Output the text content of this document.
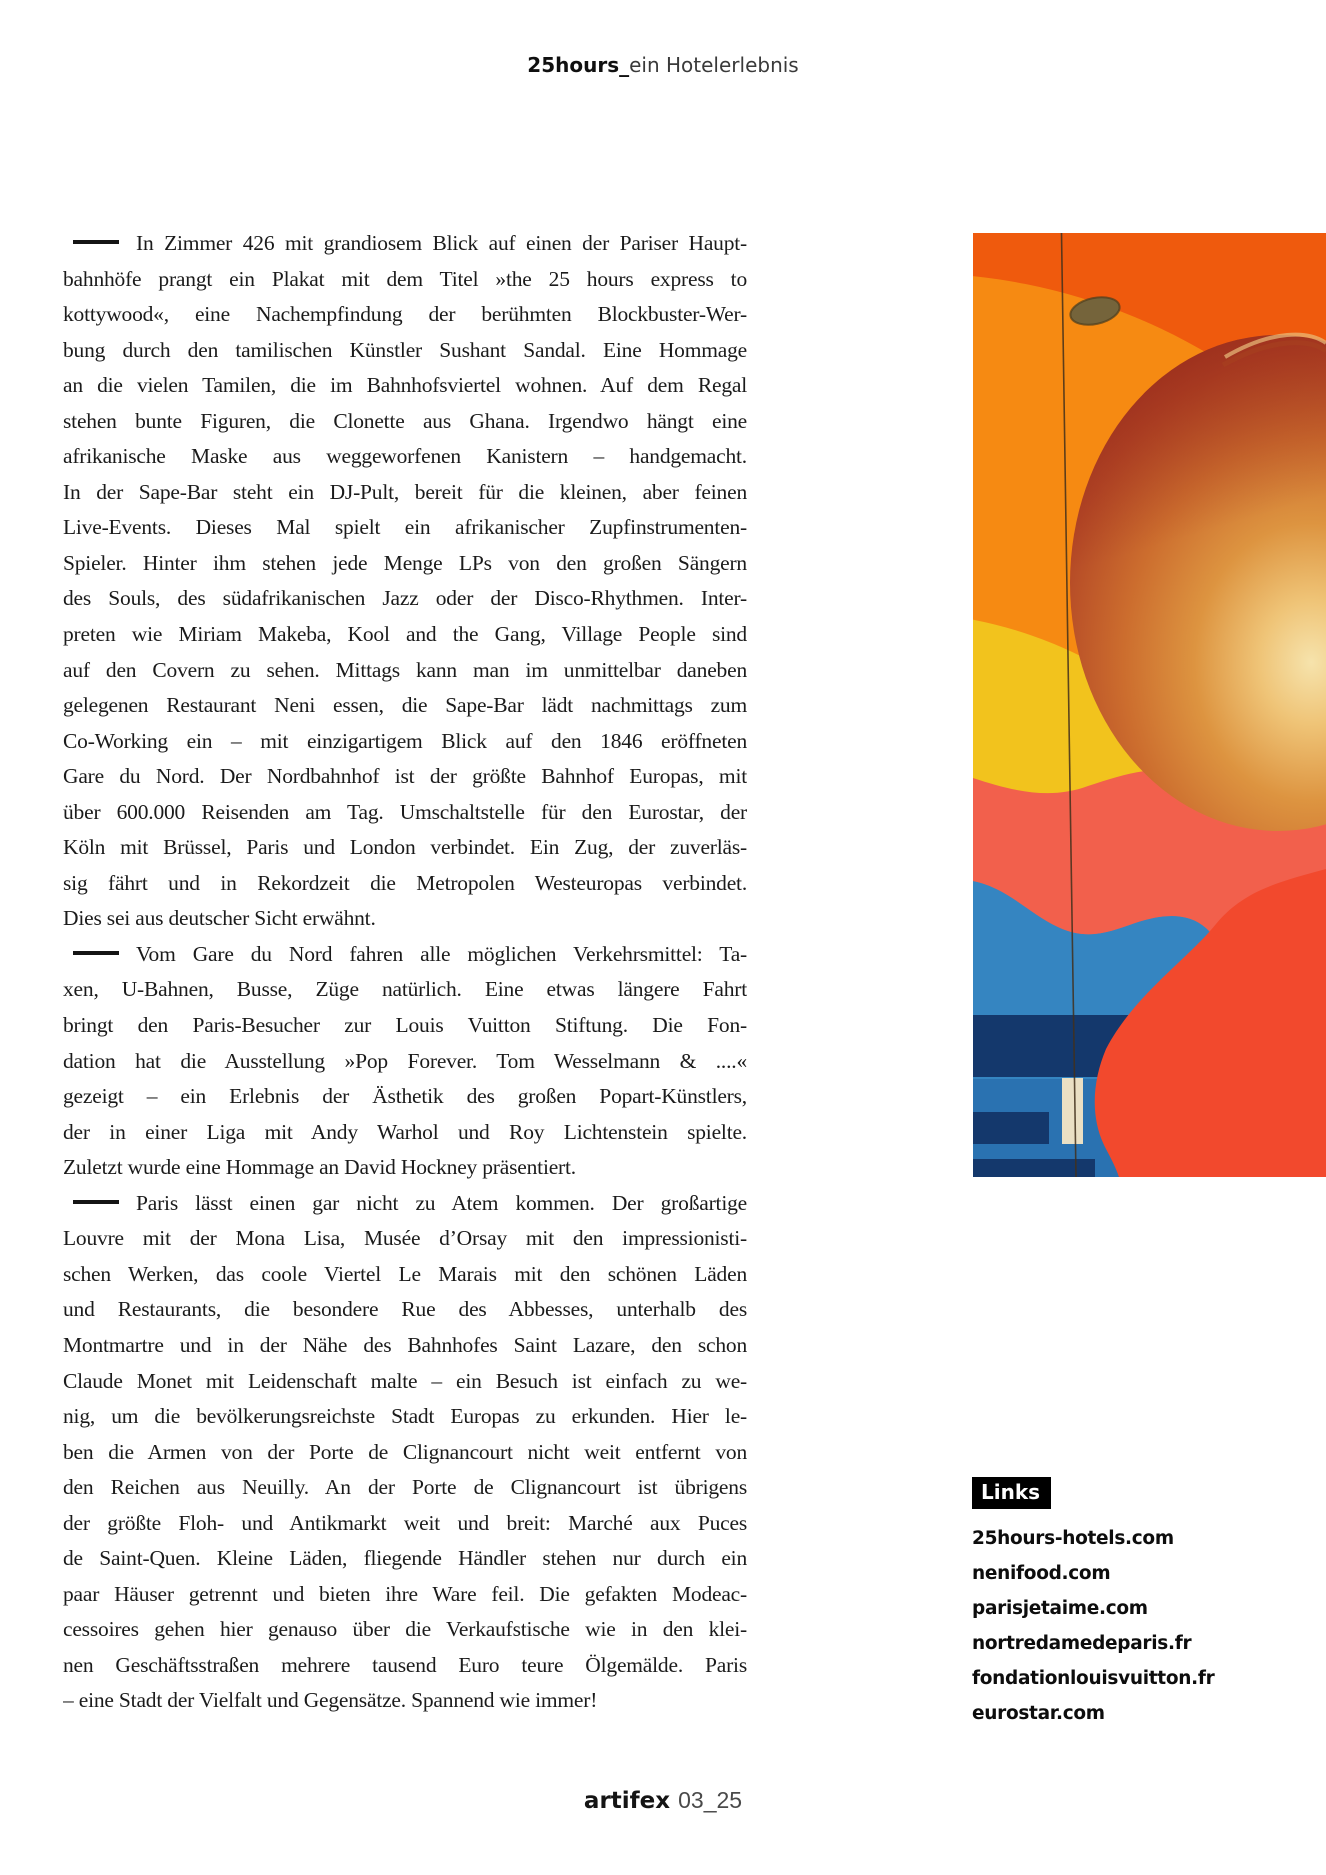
25hours_ein Hotelerlebnis
In Zimmer 426 mit grandiosem Blick auf einen der Pariser Haupt-
bahnhöfe prangt ein Plakat mit dem Titel »the 25 hours express to
kottywood«, eine Nachempfindung der berühmten Blockbuster-Wer-
bung durch den tamilischen Künstler Sushant Sandal. Eine Hommage
an die vielen Tamilen, die im Bahnhofsviertel wohnen. Auf dem Regal
stehen bunte Figuren, die Clonette aus Ghana. Irgendwo hängt eine
afrikanische Maske aus weggeworfenen Kanistern – handgemacht.
In der Sape-Bar steht ein DJ-Pult, bereit für die kleinen, aber feinen
Live-Events. Dieses Mal spielt ein afrikanischer Zupfinstrumenten-
Spieler. Hinter ihm stehen jede Menge LPs von den großen Sängern
des Souls, des südafrikanischen Jazz oder der Disco-Rhythmen. Inter-
preten wie Miriam Makeba, Kool and the Gang, Village People sind
auf den Covern zu sehen. Mittags kann man im unmittelbar daneben
gelegenen Restaurant Neni essen, die Sape-Bar lädt nachmittags zum
Co-Working ein – mit einzigartigem Blick auf den 1846 eröffneten
Gare du Nord. Der Nordbahnhof ist der größte Bahnhof Europas, mit
über 600.000 Reisenden am Tag. Umschaltstelle für den Eurostar, der
Köln mit Brüssel, Paris und London verbindet. Ein Zug, der zuverläs-
sig fährt und in Rekordzeit die Metropolen Westeuropas verbindet.
Dies sei aus deutscher Sicht erwähnt.
Vom Gare du Nord fahren alle möglichen Verkehrsmittel: Ta-
xen, U-Bahnen, Busse, Züge natürlich. Eine etwas längere Fahrt
bringt den Paris-Besucher zur Louis Vuitton Stiftung. Die Fon-
dation hat die Ausstellung »Pop Forever. Tom Wesselmann & ....«
gezeigt – ein Erlebnis der Ästhetik des großen Popart-Künstlers,
der in einer Liga mit Andy Warhol und Roy Lichtenstein spielte.
Zuletzt wurde eine Hommage an David Hockney präsentiert.
Paris lässt einen gar nicht zu Atem kommen. Der großartige
Louvre mit der Mona Lisa, Musée d’Orsay mit den impressionisti-
schen Werken, das coole Viertel Le Marais mit den schönen Läden
und Restaurants, die besondere Rue des Abbesses, unterhalb des
Montmartre und in der Nähe des Bahnhofes Saint Lazare, den schon
Claude Monet mit Leidenschaft malte – ein Besuch ist einfach zu we-
nig, um die bevölkerungsreichste Stadt Europas zu erkunden. Hier le-
ben die Armen von der Porte de Clignancourt nicht weit entfernt von
den Reichen aus Neuilly. An der Porte de Clignancourt ist übrigens
der größte Floh- und Antikmarkt weit und breit: Marché aux Puces
de Saint-Quen. Kleine Läden, fliegende Händler stehen nur durch ein
paar Häuser getrennt und bieten ihre Ware feil. Die gefakten Modeac-
cessoires gehen hier genauso über die Verkaufstische wie in den klei-
nen Geschäftsstraßen mehrere tausend Euro teure Ölgemälde. Paris
– eine Stadt der Vielfalt und Gegensätze. Spannend wie immer!
Links
25hours-hotels.com
nenifood.com
parisjetaime.com
nortredamedeparis.fr
fondationlouisvuitton.fr
eurostar.com
artifex 03_25
